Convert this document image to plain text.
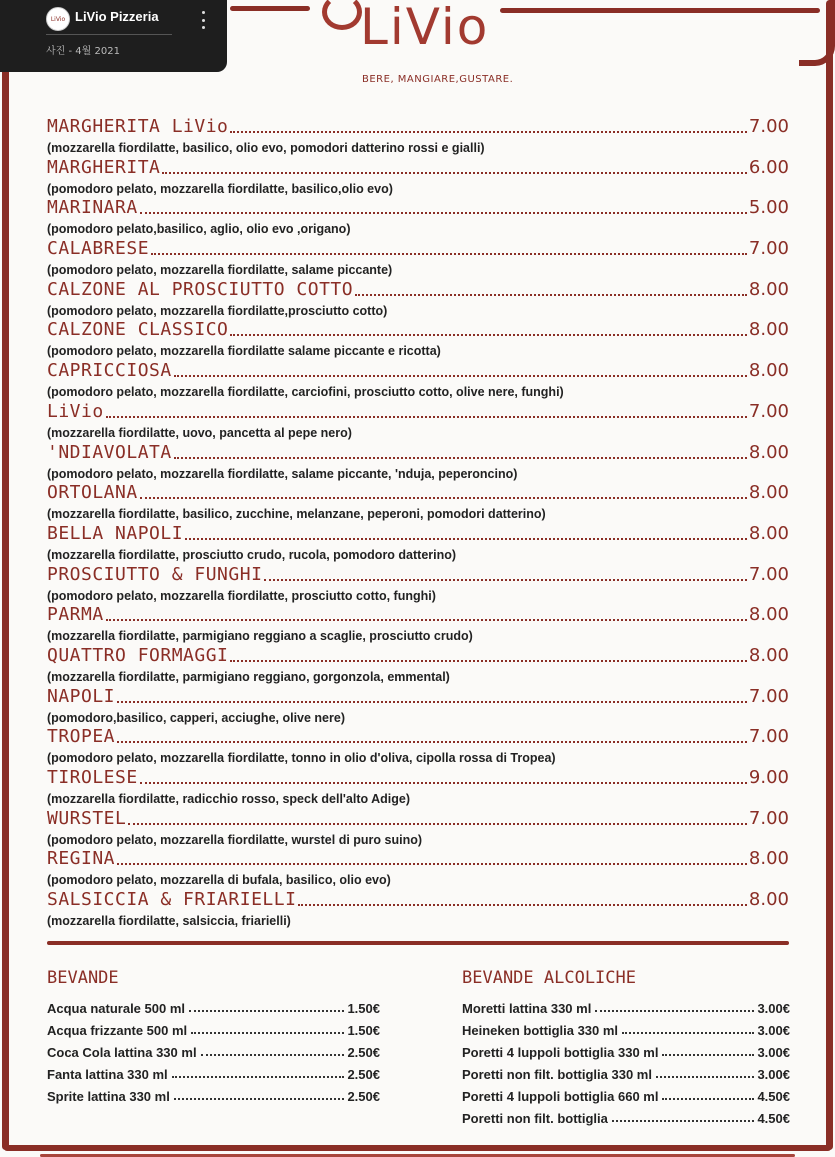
LiVio LiVio Pizzeria
사진 - 4월 2021	LiVio
BERE, MANGIARE,GUSTARE.
MARGHERITA LiVio	7.00
(mozzarella fiordilatte, basilico, olio evo, pomodori datterino rossi e gialli)
MARGHERITA	6.00
(pomodoro pelato, mozzarella fiordilatte, basilico,olio evo)
MARINARA	5.00
(pomodoro pelato,basilico, aglio, olio evo ,origano)
CALABRESE	7.00
(pomodoro pelato, mozzarella fiordilatte, salame piccante)
CALZONE AL PROSCIUTTO COTTO	8.00
(pomodoro pelato, mozzarella fiordilatte,prosciutto cotto)
CALZONE CLASSICO	8.00
(pomodoro pelato, mozzarella fiordilatte salame piccante e ricotta)
CAPRICCIOSA	8.00
(pomodoro pelato, mozzarella fiordilatte, carciofini, prosciutto cotto, olive nere, funghi)
LiVio	7.00
(mozzarella fiordilatte, uovo, pancetta al pepe nero)
'NDIAVOLATA	8.00
(pomodoro pelato, mozzarella fiordilatte, salame piccante, 'nduja, peperoncino)
ORTOLANA	8.00
(mozzarella fiordilatte, basilico, zucchine, melanzane, peperoni, pomodori datterino)
BELLA NAPOLI	8.00
(mozzarella fiordilatte, prosciutto crudo, rucola, pomodoro datterino)
PROSCIUTTO & FUNGHI	7.00
(pomodoro pelato, mozzarella fiordilatte, prosciutto cotto, funghi)
PARMA	8.00
(mozzarella fiordilatte, parmigiano reggiano a scaglie, prosciutto crudo)
QUATTRO FORMAGGI	8.00
(mozzarella fiordilatte, parmigiano reggiano, gorgonzola, emmental)
NAPOLI	7.00
(pomodoro,basilico, capperi, acciughe, olive nere)
TROPEA	7.00
(pomodoro pelato, mozzarella fiordilatte, tonno in olio d'oliva, cipolla rossa di Tropea)
TIROLESE	9.00
(mozzarella fiordilatte, radicchio rosso, speck dell'alto Adige)
WURSTEL	7.00
(pomodoro pelato, mozzarella fiordilatte, wurstel di puro suino)
REGINA	8.00
(pomodoro pelato, mozzarella di bufala, basilico, olio evo)
SALSICCIA & FRIARIELLI	8.00
(mozzarella fiordilatte, salsiccia, friarielli)
BEVANDE
Acqua naturale 500 ml	1.50€
Acqua frizzante 500 ml	1.50€
Coca Cola lattina 330 ml	2.50€
Fanta lattina 330 ml	2.50€
Sprite lattina 330 ml	2.50€
BEVANDE ALCOLICHE
Moretti lattina 330 ml	3.00€
Heineken bottiglia 330 ml	3.00€
Poretti 4 luppoli bottiglia 330 ml	3.00€
Poretti non filt. bottiglia 330 ml	3.00€
Poretti 4 luppoli bottiglia 660 ml	4.50€
Poretti non filt. bottiglia	4.50€
